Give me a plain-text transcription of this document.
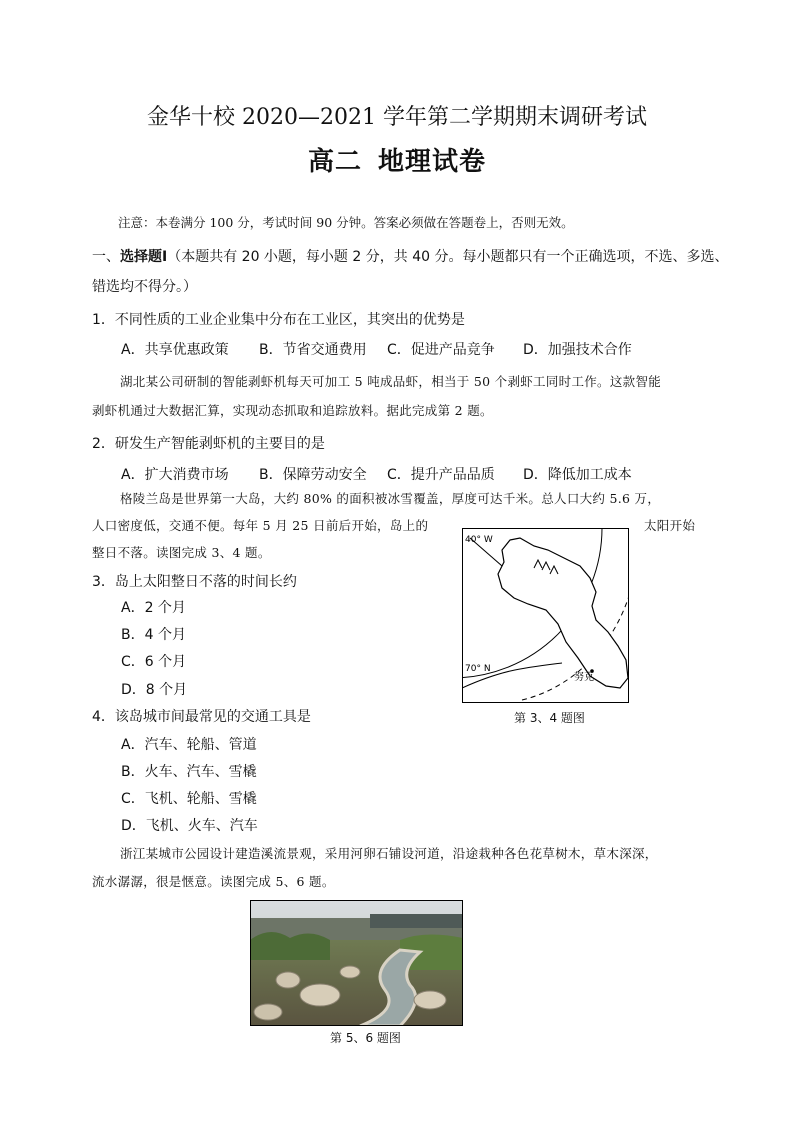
金华十校 2020—2021 学年第二学期期末调研考试
高二 地理试卷
注意：本卷满分 100 分，考试时间 90 分钟。答案必须做在答题卷上，否则无效。
一、选择题Ⅰ（本题共有 20 小题，每小题 2 分，共 40 分。每小题都只有一个正确选项，不选、多选、
错选均不得分。）
1．不同性质的工业企业集中分布在工业区，其突出的优势是
A．共享优惠政策 B．节省交通费用 C．促进产品竞争 D．加强技术合作
湖北某公司研制的智能剥虾机每天可加工 5 吨成品虾，相当于 50 个剥虾工同时工作。这款智能
剥虾机通过大数据汇算，实现动态抓取和追踪放料。据此完成第 2 题。
2．研发生产智能剥虾机的主要目的是
A．扩大消费市场 B．保障劳动安全 C．提升产品品质 D．降低加工成本
格陵兰岛是世界第一大岛，大约 80% 的面积被冰雪覆盖，厚度可达千米。总人口大约 5.6 万，
人口密度低，交通不便。每年 5 月 25 日前后开始，岛上的	太阳开始
整日不落。读图完成 3、4 题。
40° W
70° N
努克
第 3、4 题图
3．岛上太阳整日不落的时间长约
A．2 个月
B．4 个月
C．6 个月
D．8 个月
4．该岛城市间最常见的交通工具是
A．汽车、轮船、管道
B．火车、汽车、雪橇
C．飞机、轮船、雪橇
D．飞机、火车、汽车
浙江某城市公园设计建造溪流景观，采用河卵石铺设河道，沿途栽种各色花草树木，草木深深，
流水潺潺，很是惬意。读图完成 5、6 题。
第 5、6 题图
